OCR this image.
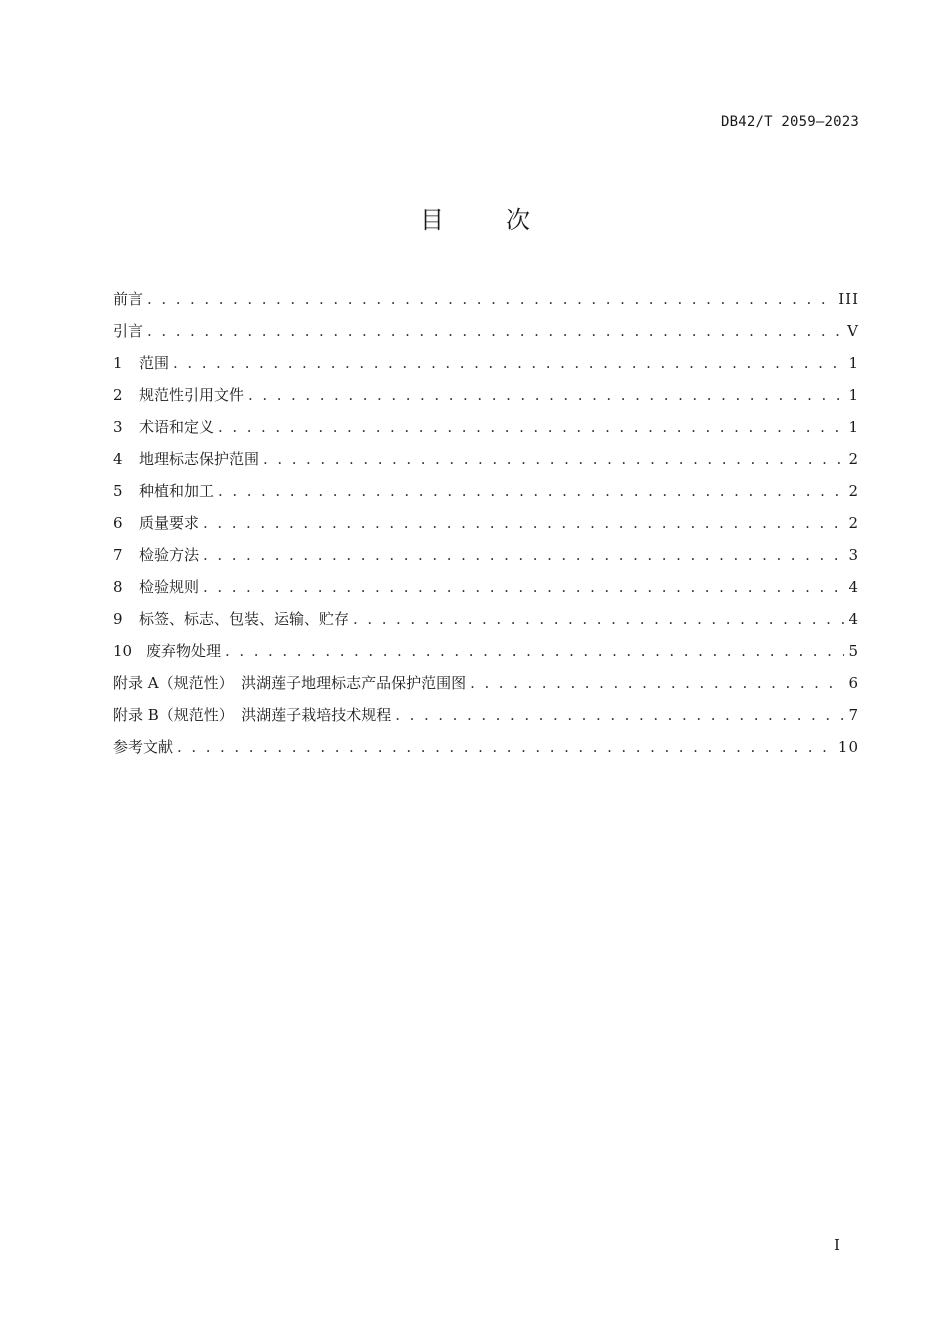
DB42/T 2059—2023
目次
前言 . . .	III
引言 . . .	V
1	范围 . . .	1
2	规范性引用文件 . . .	1
3	术语和定义 . . .	1
4	地理标志保护范围 . . .	2
5	种植和加工 . . .	2
6	质量要求 . . .	2
7	检验方法 . . .	3
8	检验规则 . . .	4
9	标签、标志、包装、运输、贮存 . . .	4
10 废弃物处理 . . .	5
附录 A（规范性）　洪湖莲子地理标志产品保护范围图 . . .	6
附录 B（规范性）　洪湖莲子栽培技术规程 . . .	7
参考文献 . . .	10
I
